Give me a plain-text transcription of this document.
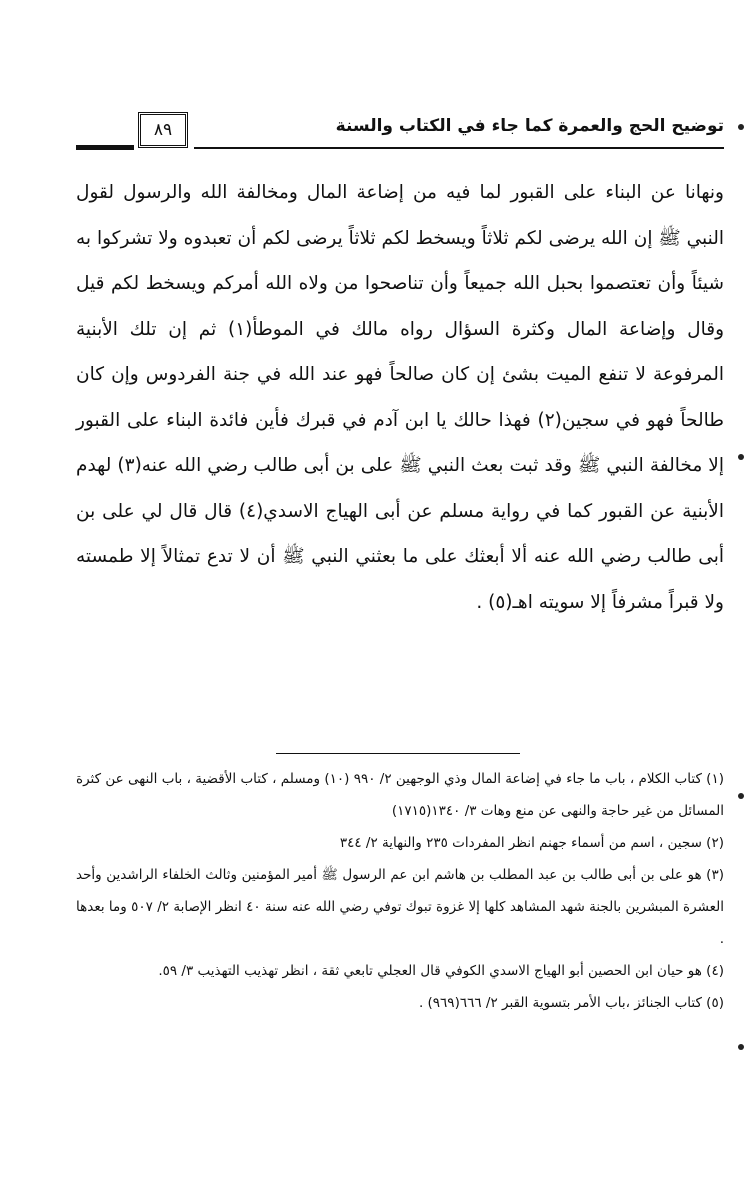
توضيح الحج والعمرة كما جاء في الكتاب والسنة
٨٩

ونهانا عن البناء على القبور لما فيه من إضاعة المال ومخالفة الله والرسول لقول النبي ﷺ إن الله يرضى لكم ثلاثاً ويسخط لكم ثلاثاً يرضى لكم أن تعبدوه ولا تشركوا به شيئاً وأن تعتصموا بحبل الله جميعاً وأن تناصحوا من ولاه الله أمركم ويسخط لكم قيل وقال وإضاعة المال وكثرة السؤال رواه مالك في الموطأ(١) ثم إن تلك الأبنية المرفوعة لا تنفع الميت بشئ إن كان صالحاً فهو عند الله في جنة الفردوس وإن كان طالحاً فهو في سجين(٢) فهذا حالك يا ابن آدم في قبرك فأين فائدة البناء على القبور إلا مخالفة النبي ﷺ وقد ثبت بعث النبي ﷺ على بن أبى طالب رضي الله عنه(٣) لهدم الأبنية عن القبور كما في رواية مسلم عن أبى الهياج الاسدي(٤) قال قال لي على بن أبى طالب رضي الله عنه ألا أبعثك على ما بعثني النبي ﷺ أن لا تدع تمثالاً إلا طمسته ولا قبراً مشرفاً إلا سويته اهـ(٥) .

(١) كتاب الكلام ، باب ما جاء في إضاعة المال وذي الوجهين ٢/ ٩٩٠ (١٠) ومسلم ، كتاب الأقضية ، باب النهى عن كثرة المسائل من غير حاجة والنهى عن منع وهات ٣/ ١٣٤٠(١٧١٥)

(٢) سجين ، اسم من أسماء جهنم انظر المفردات ٢٣٥ والنهاية ٢/ ٣٤٤

(٣) هو على بن أبى طالب بن عبد المطلب بن هاشم ابن عم الرسول ﷺ أمير المؤمنين وثالث الخلفاء الراشدين وأحد العشرة المبشرين بالجنة شهد المشاهد كلها إلا غزوة تبوك توفي رضي الله عنه سنة ٤٠ انظر الإصابة ٢/ ٥٠٧ وما بعدها .

(٤) هو حيان ابن الحصين أبو الهياج الاسدي الكوفي قال العجلي تابعي ثقة ، انظر تهذيب التهذيب ٣/ ٥٩.

(٥) كتاب الجنائز ،باب الأمر بتسوية القبر ٢/ ٦٦٦(٩٦٩) .
